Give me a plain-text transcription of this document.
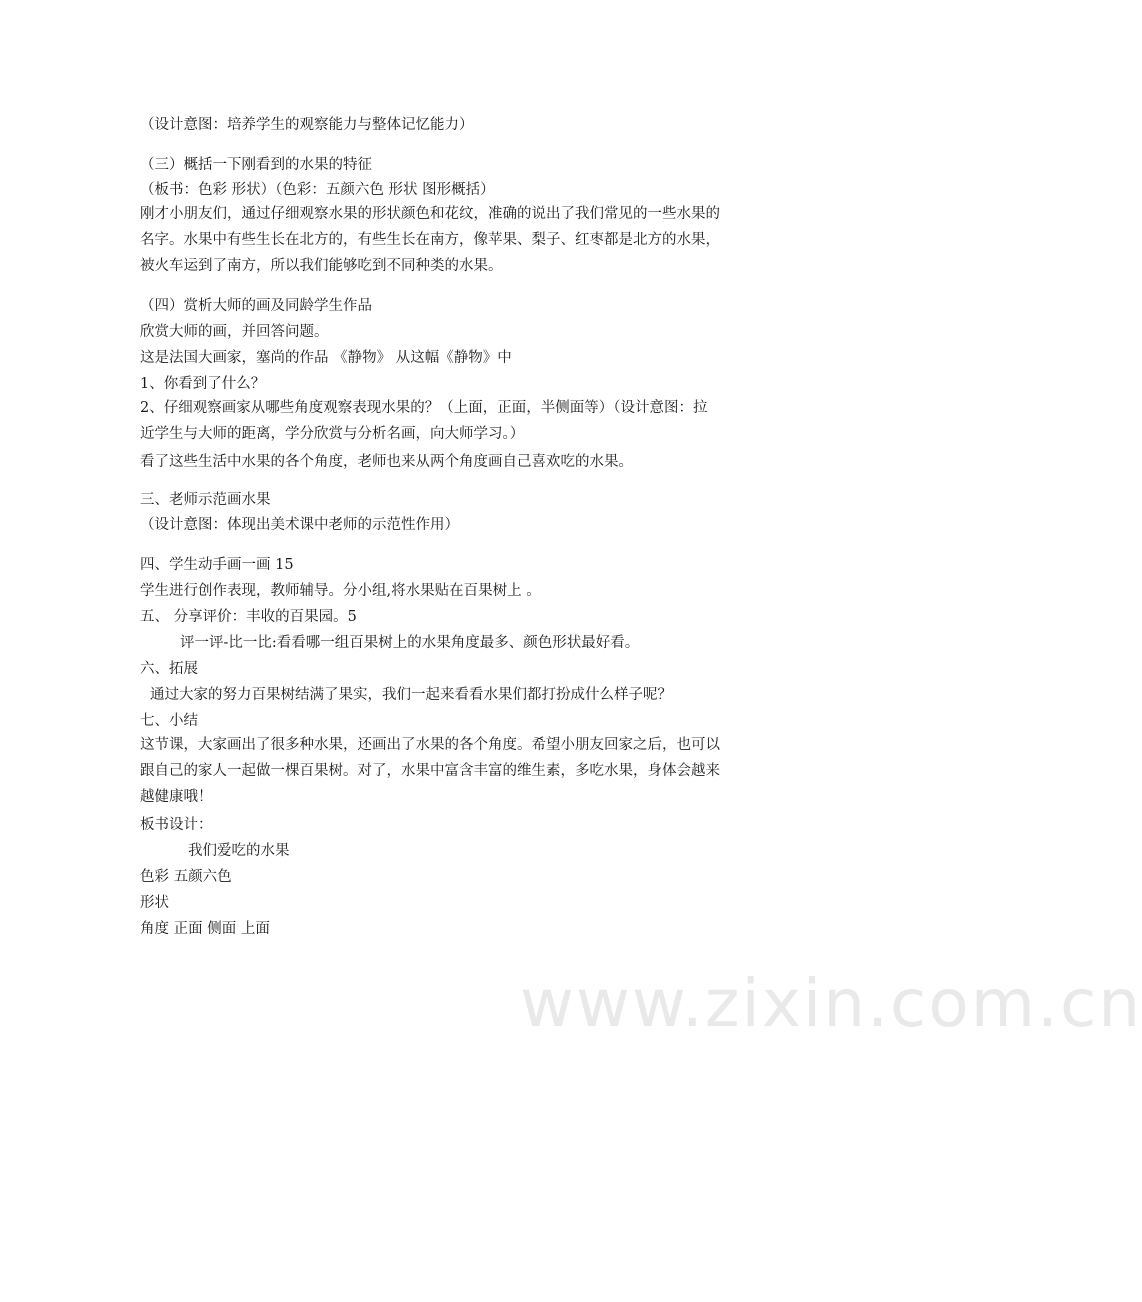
（设计意图：培养学生的观察能力与整体记忆能力）
（三）概括一下刚看到的水果的特征
（板书：色彩 形状）（色彩：五颜六色 形状 图形概括）
刚才小朋友们，通过仔细观察水果的形状颜色和花纹，准确的说出了我们常见的一些水果的
名字。水果中有些生长在北方的，有些生长在南方，像苹果、梨子、红枣都是北方的水果，
被火车运到了南方，所以我们能够吃到不同种类的水果。
（四）赏析大师的画及同龄学生作品
欣赏大师的画，并回答问题。
这是法国大画家，塞尚的作品 《静物》 从这幅《静物》中
1、你看到了什么？
2、仔细观察画家从哪些角度观察表现水果的？（上面，正面，半侧面等）（设计意图：拉
近学生与大师的距离，学分欣赏与分析名画，向大师学习。）
看了这些生活中水果的各个角度，老师也来从两个角度画自己喜欢吃的水果。
三、老师示范画水果
（设计意图：体现出美术课中老师的示范性作用）
四、学生动手画一画 15
学生进行创作表现，教师辅导。分小组,将水果贴在百果树上 。
五、 分享评价：丰收的百果园。5
评一评-比一比:看看哪一组百果树上的水果角度最多、颜色形状最好看。
六、拓展
通过大家的努力百果树结满了果实，我们一起来看看水果们都打扮成什么样子呢？
七、小结
这节课，大家画出了很多种水果，还画出了水果的各个角度。希望小朋友回家之后，也可以
跟自己的家人一起做一棵百果树。对了，水果中富含丰富的维生素，多吃水果，身体会越来
越健康哦！
板书设计：
我们爱吃的水果
色彩 五颜六色
形状
角度 正面 侧面 上面
www.zixin.com.cn
